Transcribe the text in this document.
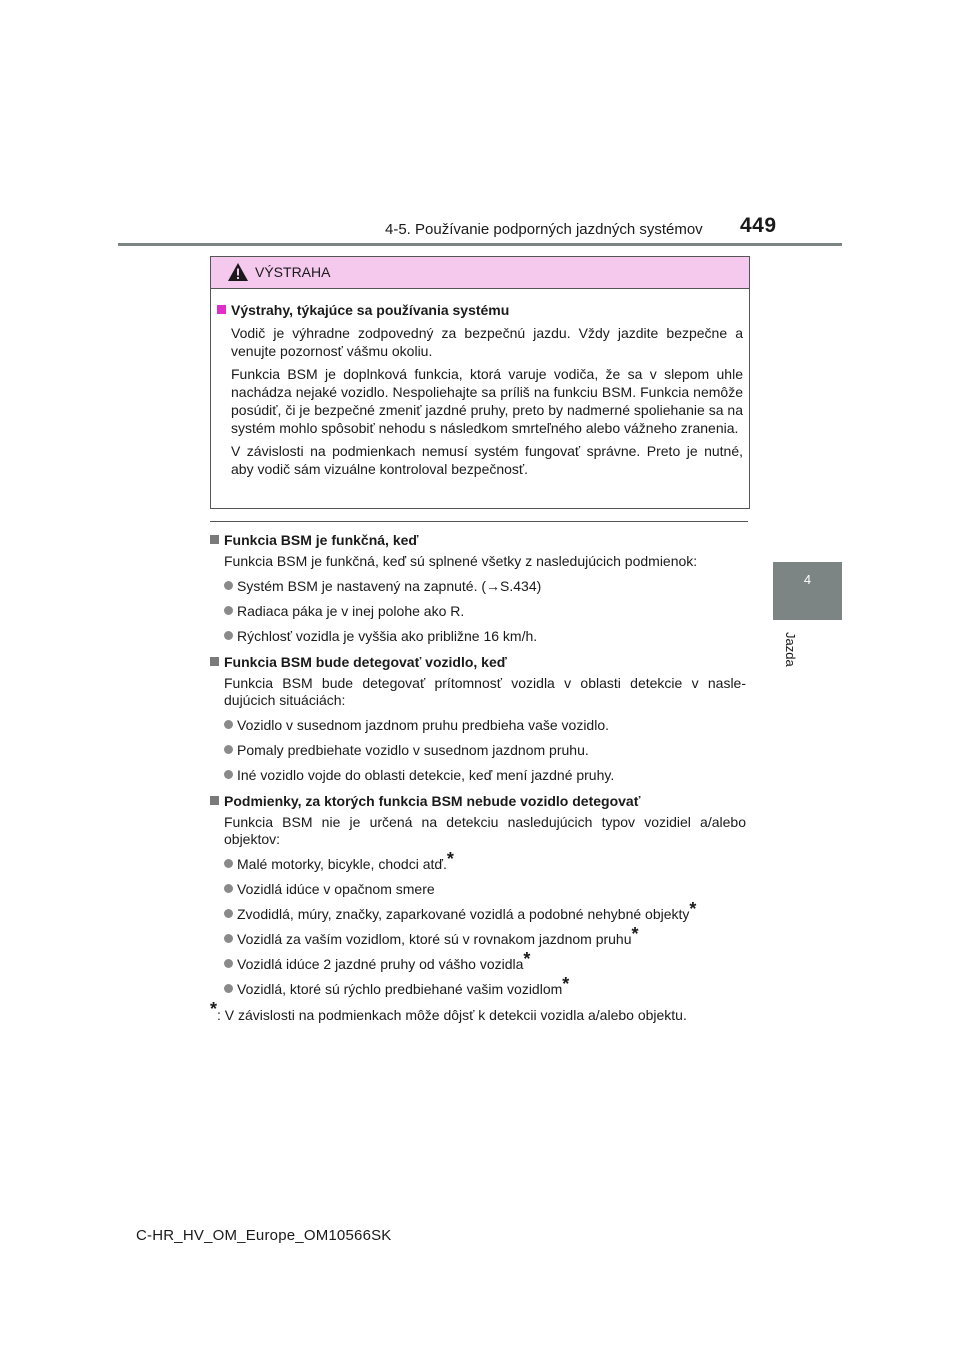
4-5. Používanie podporných jazdných systémov 449
4
Jazda
VÝSTRAHA
Výstrahy, týkajúce sa používania systému

Vodič je výhradne zodpovedný za bezpečnú jazdu. Vždy jazdite bezpečne a venujte pozornosť vášmu okoliu.

Funkcia BSM je doplnková funkcia, ktorá varuje vodiča, že sa v slepom uhle nachádza nejaké vozidlo. Nespoliehajte sa príliš na funkciu BSM. Funkcia nemôže posúdiť, či je bezpečné zmeniť jazdné pruhy, preto by nadmerné spoliehanie sa na systém mohlo spôsobiť nehodu s následkom smrteľného alebo vážneho zranenia.

V závislosti na podmienkach nemusí systém fungovať správne. Preto je nutné, aby vodič sám vizuálne kontroloval bezpečnosť.

Funkcia BSM je funkčná, keď
Funkcia BSM je funkčná, keď sú splnené všetky z nasledujúcich podmienok:
Systém BSM je nastavený na zapnuté. (→S.434)
Radiaca páka je v inej polohe ako R.
Rýchlosť vozidla je vyššia ako približne 16 km/h.
Funkcia BSM bude detegovať vozidlo, keď
Funkcia BSM bude detegovať prítomnosť vozidla v oblasti detekcie v nasle- dujúcich situáciách:
Vozidlo v susednom jazdnom pruhu predbieha vaše vozidlo.
Pomaly predbiehate vozidlo v susednom jazdnom pruhu.
Iné vozidlo vojde do oblasti detekcie, keď mení jazdné pruhy.
Podmienky, za ktorých funkcia BSM nebude vozidlo detegovať
Funkcia BSM nie je určená na detekciu nasledujúcich typov vozidiel a/alebo objektov:
Malé motorky, bicykle, chodci atď.*
Vozidlá idúce v opačnom smere
Zvodidlá, múry, značky, zaparkované vozidlá a podobné nehybné objekty*
Vozidlá za vaším vozidlom, ktoré sú v rovnakom jazdnom pruhu*
Vozidlá idúce 2 jazdné pruhy od vášho vozidla*
Vozidlá, ktoré sú rýchlo predbiehané vašim vozidlom*
*: V závislosti na podmienkach môže dôjsť k detekcii vozidla a/alebo objektu.
C-HR_HV_OM_Europe_OM10566SK
